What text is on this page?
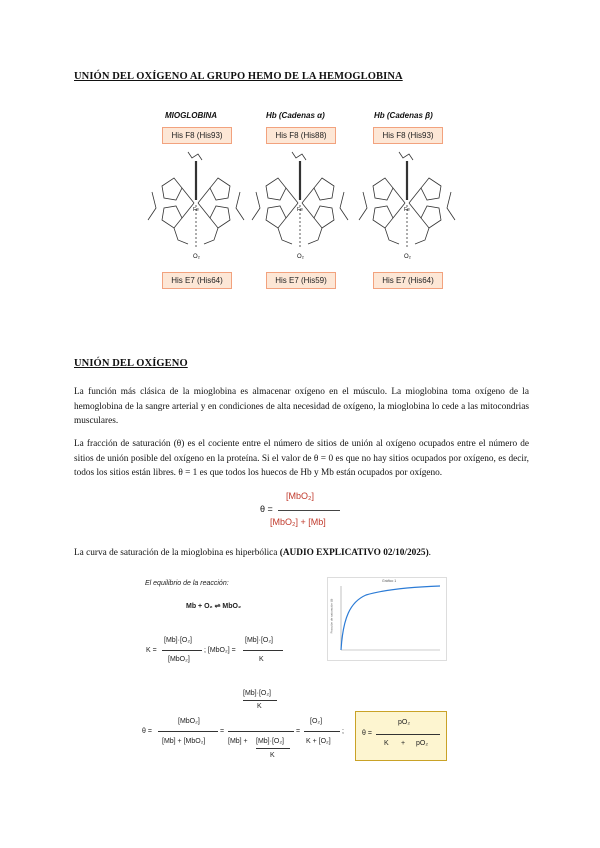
UNIÓN DEL OXÍGENO AL GRUPO HEMO DE LA HEMOGLOBINA

MIOGLOBINA	Hb (Cadenas α)	Hb (Cadenas β)
His F8 (His93)	His F8 (His88)	His F8 (His93)
Fe	Fe	Fe
O₂	O₂	O₂
His E7 (His64)	His E7 (His59)	His E7 (His64)

UNIÓN DEL OXÍGENO

La función más clásica de la mioglobina es almacenar oxígeno en el músculo. La mioglobina toma oxígeno de la hemoglobina de la sangre arterial y en condiciones de alta necesidad de oxígeno, la mioglobina lo cede a las mitocondrias musculares.

La fracción de saturación (θ) es el cociente entre el número de sitios de unión al oxígeno ocupados entre el número de sitios de unión posible del oxígeno en la proteína. Si el valor de θ = 0 es que no hay sitios ocupados por oxígeno, es decir, todos los sitios están libres. θ = 1 es que todos los huecos de Hb y Mb están ocupados por oxígeno.

[MbO₂]
θ =
[MbO₂] + [Mb]

La curva de saturación de la mioglobina es hiperbólica (AUDIO EXPLICATIVO 02/10/2025).

El equilibrio de la reacción:
Mb + O₂ ⇌ MbO₂
[Mb]·[O₂]
K =
[MbO₂]
; [MbO₂] =
[Mb]·[O₂]
K
Gráfico 1
Fracción de saturación (θ)
[Mb]·[O₂]
K
[MbO₂]	[O₂]
θ =	=	=	;
[Mb] + [MbO₂]	[Mb] + [Mb]·[O₂]
K
K + [O₂]
pO₂
θ =
K + pO₂
